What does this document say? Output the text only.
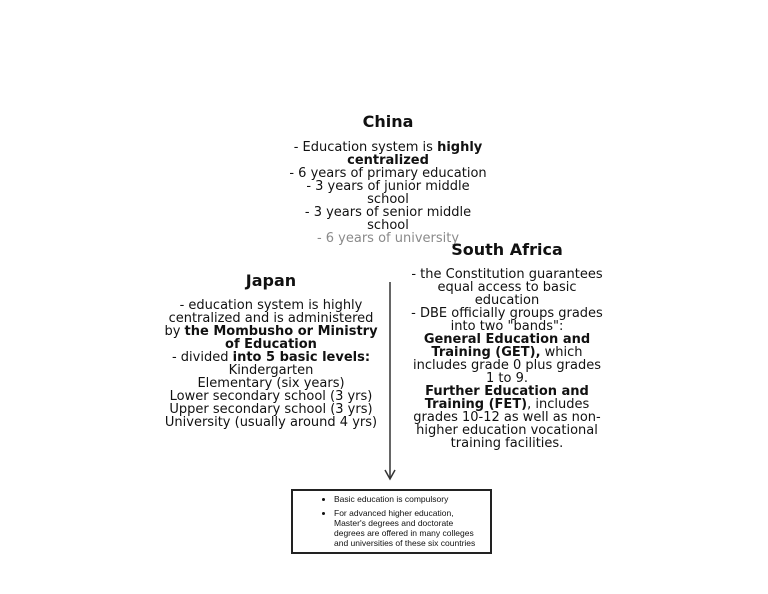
China
- Education system is highly
centralized
- 6 years of primary education
- 3 years of junior middle
school
- 3 years of senior middle
school
- 6 years of university
Japan
- education system is highly
centralized and is administered
by the Mombusho or Ministry
of Education
- divided into 5 basic levels:
Kindergarten
Elementary (six years)
Lower secondary school (3 yrs)
Upper secondary school (3 yrs)
University (usually around 4 yrs)
South Africa
- the Constitution guarantees
equal access to basic
education
- DBE officially groups grades
into two "bands":
General Education and
Training (GET), which
includes grade 0 plus grades
1 to 9.
Further Education and
Training (FET), includes
grades 10-12 as well as non-
higher education vocational
training facilities.
• Basic education is compulsory
• For advanced higher education, Master's degrees and doctorate degrees are offered in many colleges and universities of these six countries
